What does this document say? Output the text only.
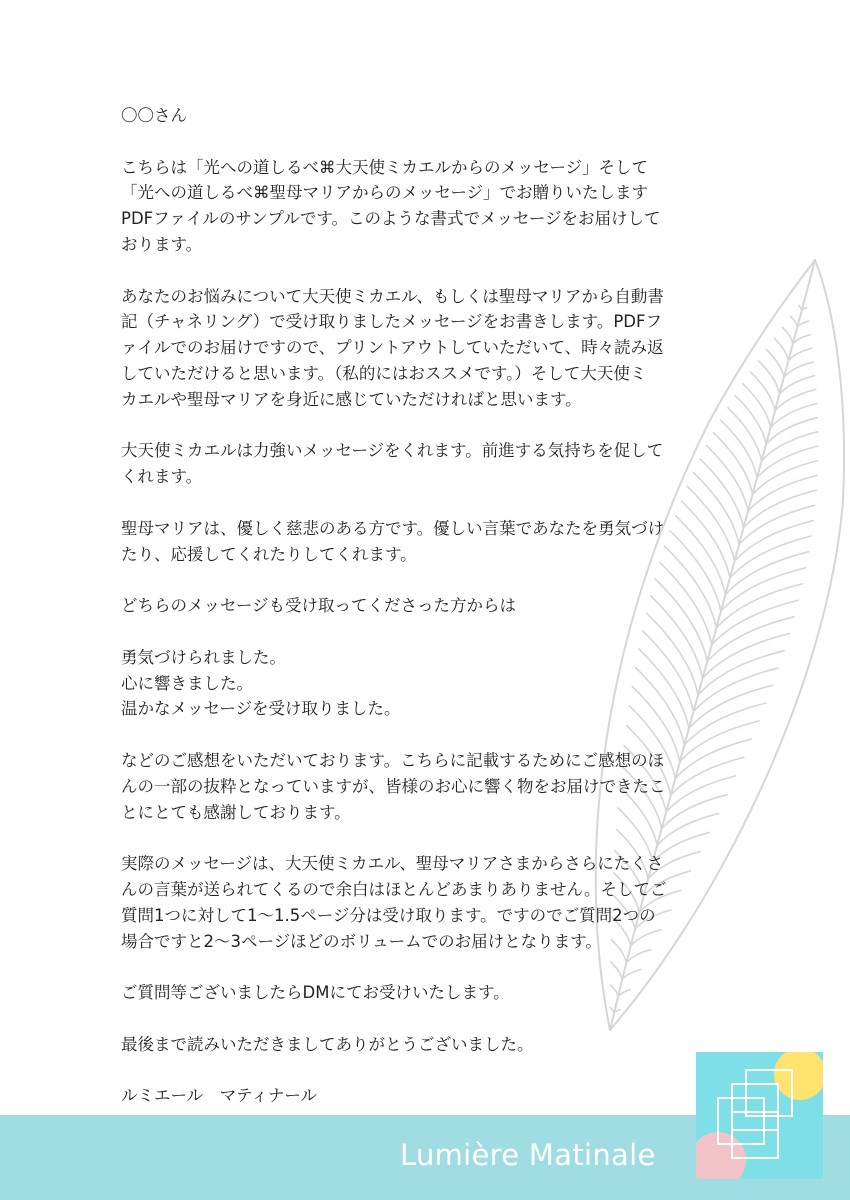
〇〇さん

こちらは「光への道しるべ⌘大天使ミカエルからのメッセージ」そして
「光への道しるべ⌘聖母マリアからのメッセージ」でお贈りいたします
PDFファイルのサンプルです。このような書式でメッセージをお届けして
おります。

あなたのお悩みについて大天使ミカエル、もしくは聖母マリアから自動書
記（チャネリング）で受け取りましたメッセージをお書きします。PDFフ
ァイルでのお届けですので、プリントアウトしていただいて、時々読み返
していただけると思います。（私的にはおススメです。）そして大天使ミ
カエルや聖母マリアを身近に感じていただければと思います。

大天使ミカエルは力強いメッセージをくれます。前進する気持ちを促して
くれます。

聖母マリアは、優しく慈悲のある方です。優しい言葉であなたを勇気づけ
たり、応援してくれたりしてくれます。

どちらのメッセージも受け取ってくださった方からは

勇気づけられました。
心に響きました。
温かなメッセージを受け取りました。

などのご感想をいただいております。こちらに記載するためにご感想のほ
んの一部の抜粋となっていますが、皆様のお心に響く物をお届けできたこ
とにとても感謝しております。

実際のメッセージは、大天使ミカエル、聖母マリアさまからさらにたくさ
んの言葉が送られてくるので余白はほとんどあまりありません。そしてご
質問1つに対して1〜1.5ページ分は受け取ります。ですのでご質問2つの
場合ですと2〜3ページほどのボリュームでのお届けとなります。

ご質問等ございましたらDMにてお受けいたします。

最後まで読みいただきましてありがとうございました。

ルミエール　マティナール

Lumière Matinale
